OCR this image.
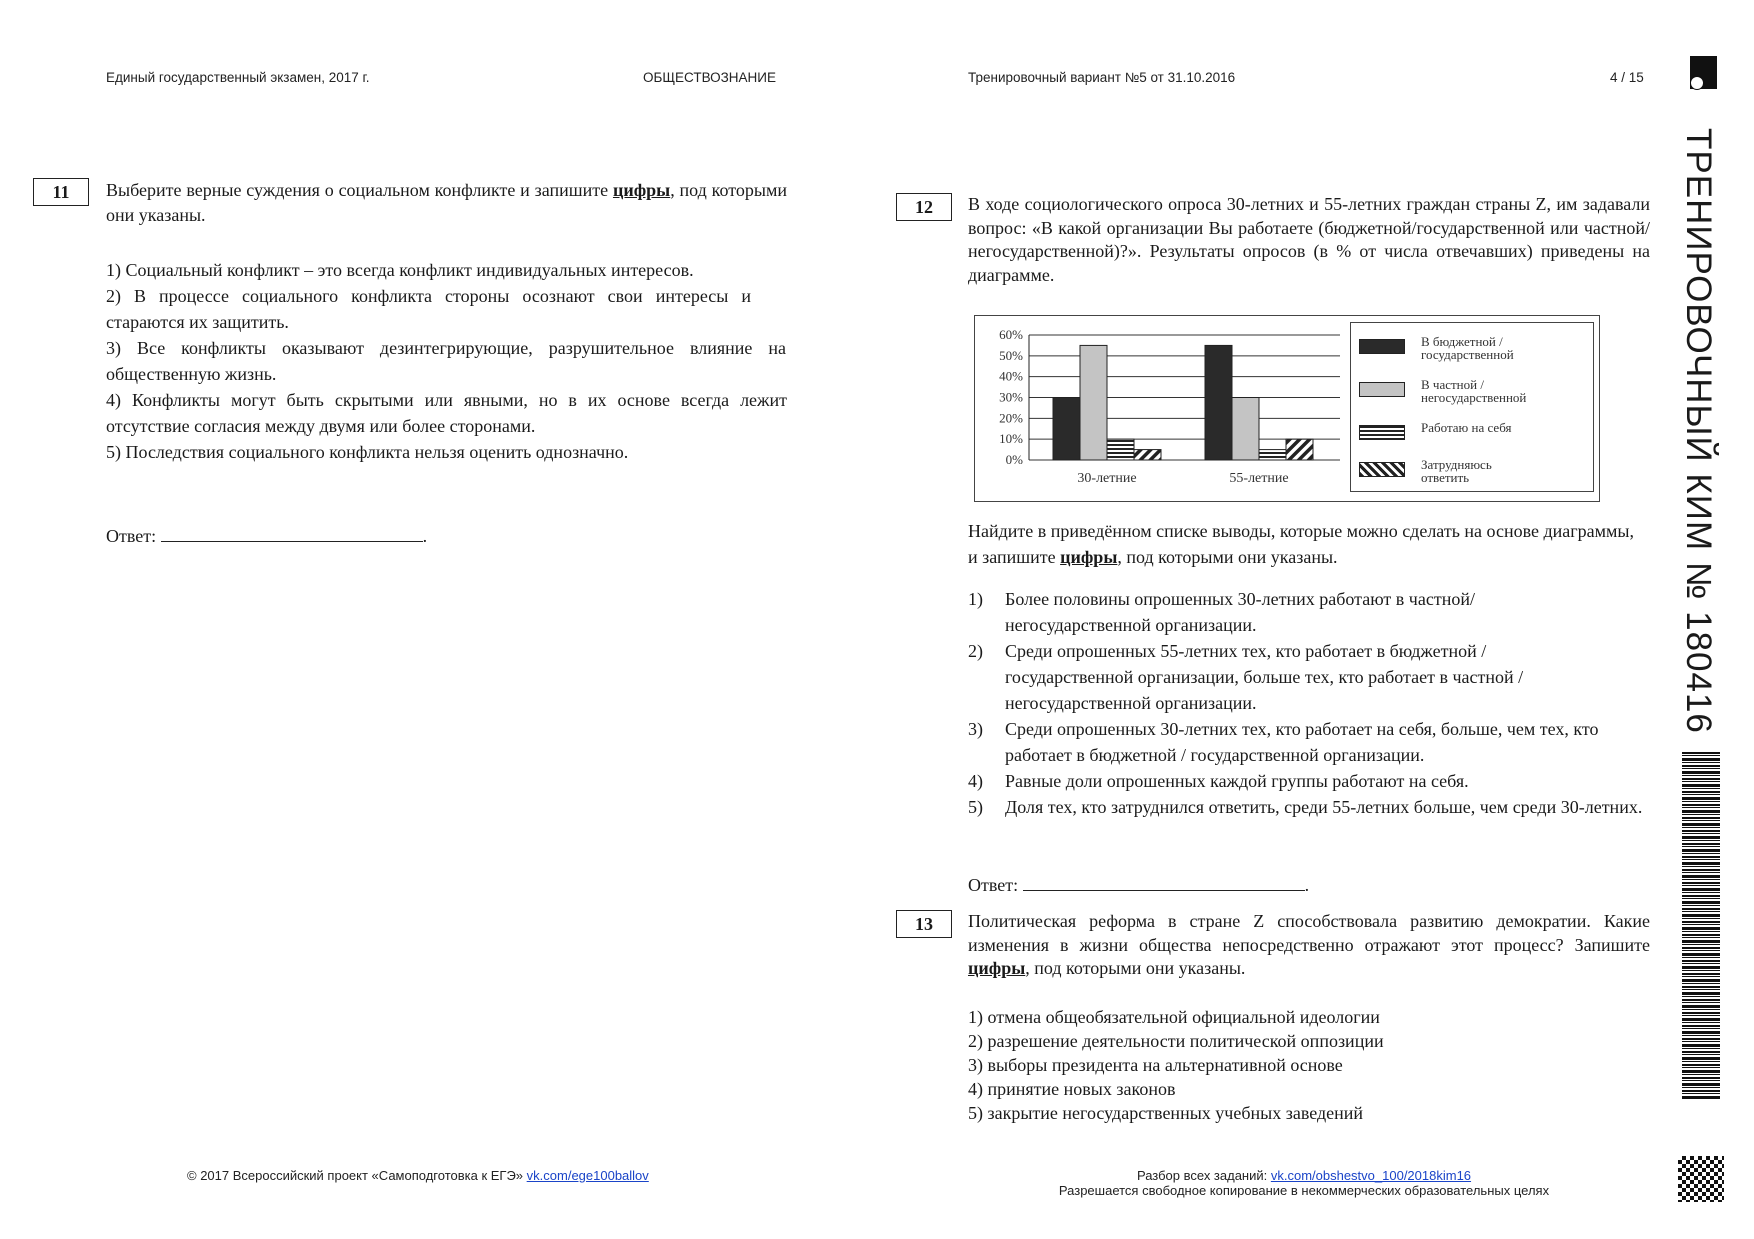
Единый государственный экзамен, 2017 г.	ОБЩЕСТВОЗНАНИЕ	Тренировочный вариант №5 от 31.10.2016	4 / 15
ТРЕНИРОВОЧНЫЙ КИМ № 180416
11	Выберите верные суждения о социальном конфликте и запишите цифры, под которыми они указаны.
1) Социальный конфликт – это всегда конфликт индивидуальных интересов.
2) В процессе социального конфликта стороны осознают свои интересы и стараются их защитить.
3) Все конфликты оказывают дезинтегрирующие, разрушительное влияние на общественную жизнь.
4) Конфликты могут быть скрытыми или явными, но в их основе всегда лежит отсутствие согласия между двумя или более сторонами.
5) Последствия социального конфликта нельзя оценить однозначно.
Ответ:	.
12	В ходе социологического опроса 30-летних и 55-летних граждан страны Z, им задавали вопрос: «В какой организации Вы работаете (бюджетной/государственной или частной/негосударственной)?». Результаты опросов (в % от числа отвечавших) приведены на диаграмме.
60%
50%
40%
30%
20%
10%
0%
30-летние	55-летние
В бюджетной /
государственной
В частной /
негосударственной
Работаю на себя
Затрудняюсь
ответить
Найдите в приведённом списке выводы, которые можно сделать на основе диаграммы, и запишите цифры, под которыми они указаны.
1)	Более половины опрошенных 30-летних работают в частной/ негосударственной организации.
2)	Среди опрошенных 55-летних тех, кто работает в бюджетной / государственной организации, больше тех, кто работает в частной / негосударственной организации.
3)	Среди опрошенных 30-летних тех, кто работает на себя, больше, чем тех, кто работает в бюджетной / государственной организации.
4)	Равные доли опрошенных каждой группы работают на себя.
5)	Доля тех, кто затруднился ответить, среди 55-летних больше, чем среди 30-летних.
Ответ:	.
13	Политическая реформа в стране Z способствовала развитию демократии. Какие изменения в жизни общества непосредственно отражают этот процесс? Запишите цифры, под которыми они указаны.
1) отмена общеобязательной официальной идеологии
2) разрешение деятельности политической оппозиции
3) выборы президента на альтернативной основе
4) принятие новых законов
5) закрытие негосударственных учебных заведений
© 2017 Всероссийский проект «Самоподготовка к ЕГЭ» vk.com/ege100ballov	Разбор всех заданий: vk.com/obshestvo_100/2018kim16
Разрешается свободное копирование в некоммерческих образовательных целях
